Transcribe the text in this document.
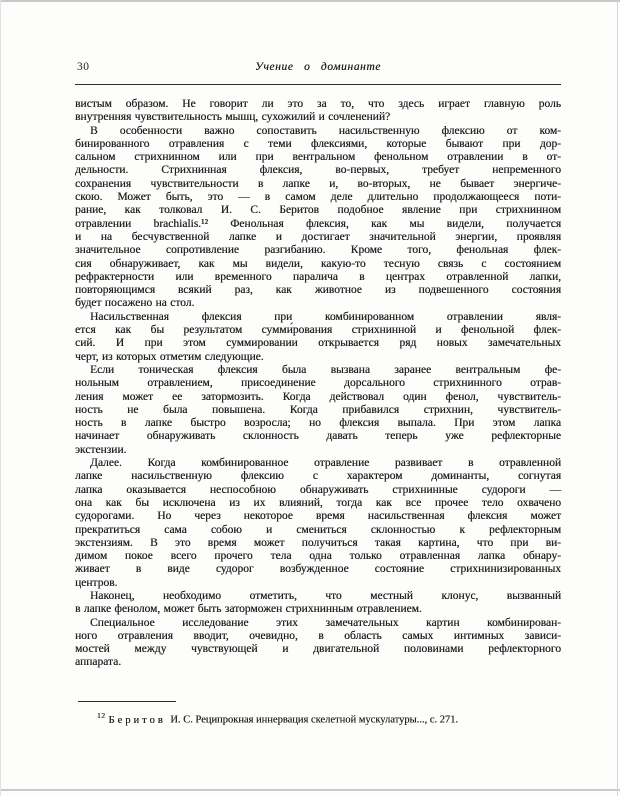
30	Учение о доминанте
вистым образом. Не говорит ли это за то, что здесь играет главную роль
внутренняя чувствительность мышц, сухожилий и сочленений?
В особенности важно сопоставить насильственную флексию от ком-
бинированного отравления с теми флексиями, которые бывают при дор-
сальном стрихнинном или при вентральном фенольном отравлении в от-
дельности. Стрихнинная флексия, во-первых, требует непременного
сохранения чувствительности в лапке и, во-вторых, не бывает энергиче-
скою. Может быть, это — в самом деле длительно продолжающееся поти-
рание, как толковал И. С. Беритов подобное явление при стрихнинном
отравлении brachialis.¹² Фенольная флексия, как мы видели, получается
и на бесчувственной лапке и достигает значительной энергии, проявляя
значительное сопротивление разгибанию. Кроме того, фенольная флек-
сия обнаруживает, как мы видели, какую-то тесную связь с состоянием
рефрактерности или временного паралича в центрах отравленной лапки,
повторяющимся всякий раз, как животное из подвешенного состояния
будет посажено на стол.
Насильственная флексия при комбинированном отравлении явля-
ется как бы результатом сумми́рования стрихнинной и фенольной флек-
сий. И при этом суммировании открывается ряд новых замечательных
черт, из которых отметим следующие.
Если тоническая флексия была вызвана заранее вентральным фе-
нольным отравлением, присоединение дорсального стрихнинного отрав-
ления может ее затормозить. Когда действовал один фенол, чувствитель-
ность не была повышена. Когда прибавился стрихнин, чувствитель-
ность в лапке быстро возросла; но флексия выпала. При этом лапка
начинает обнаруживать склонность давать теперь уже рефлекторные
экстензии.
Далее. Когда комбинированное отравление развивает в отравленной
лапке насильственную флексию с характером доминанты, согнутая
лапка оказывается неспособною обнаруживать стрихнинные судороги —
она как бы исключена из их влияний, тогда как все прочее тело охвачено
судорогами. Но через некоторое время насильственная флексия может
прекратиться сама собою и смениться склонностью к рефлекторным
экстензиям. В это время может получиться такая картина, что при ви-
димом покое всего прочего тела одна только отравленная лапка обнару-
живает в виде судорог возбужденное состояние стрихнинизированных
центров.
Наконец, необходимо отметить, что местный клонус, вызванный
в лапке фенолом, может быть заторможен стрихнинным отравлением.
Специальное исследование этих замечательных картин комбинирован-
ного отравления вводит, очевидно, в область самых интимных зависи-
мостей между чувствующей и двигательной половинами рефлекторного
аппарата.
$^{12}$ Беритов И. С. Реципрокная иннервация скелетной мускулатуры..., с. 271.
